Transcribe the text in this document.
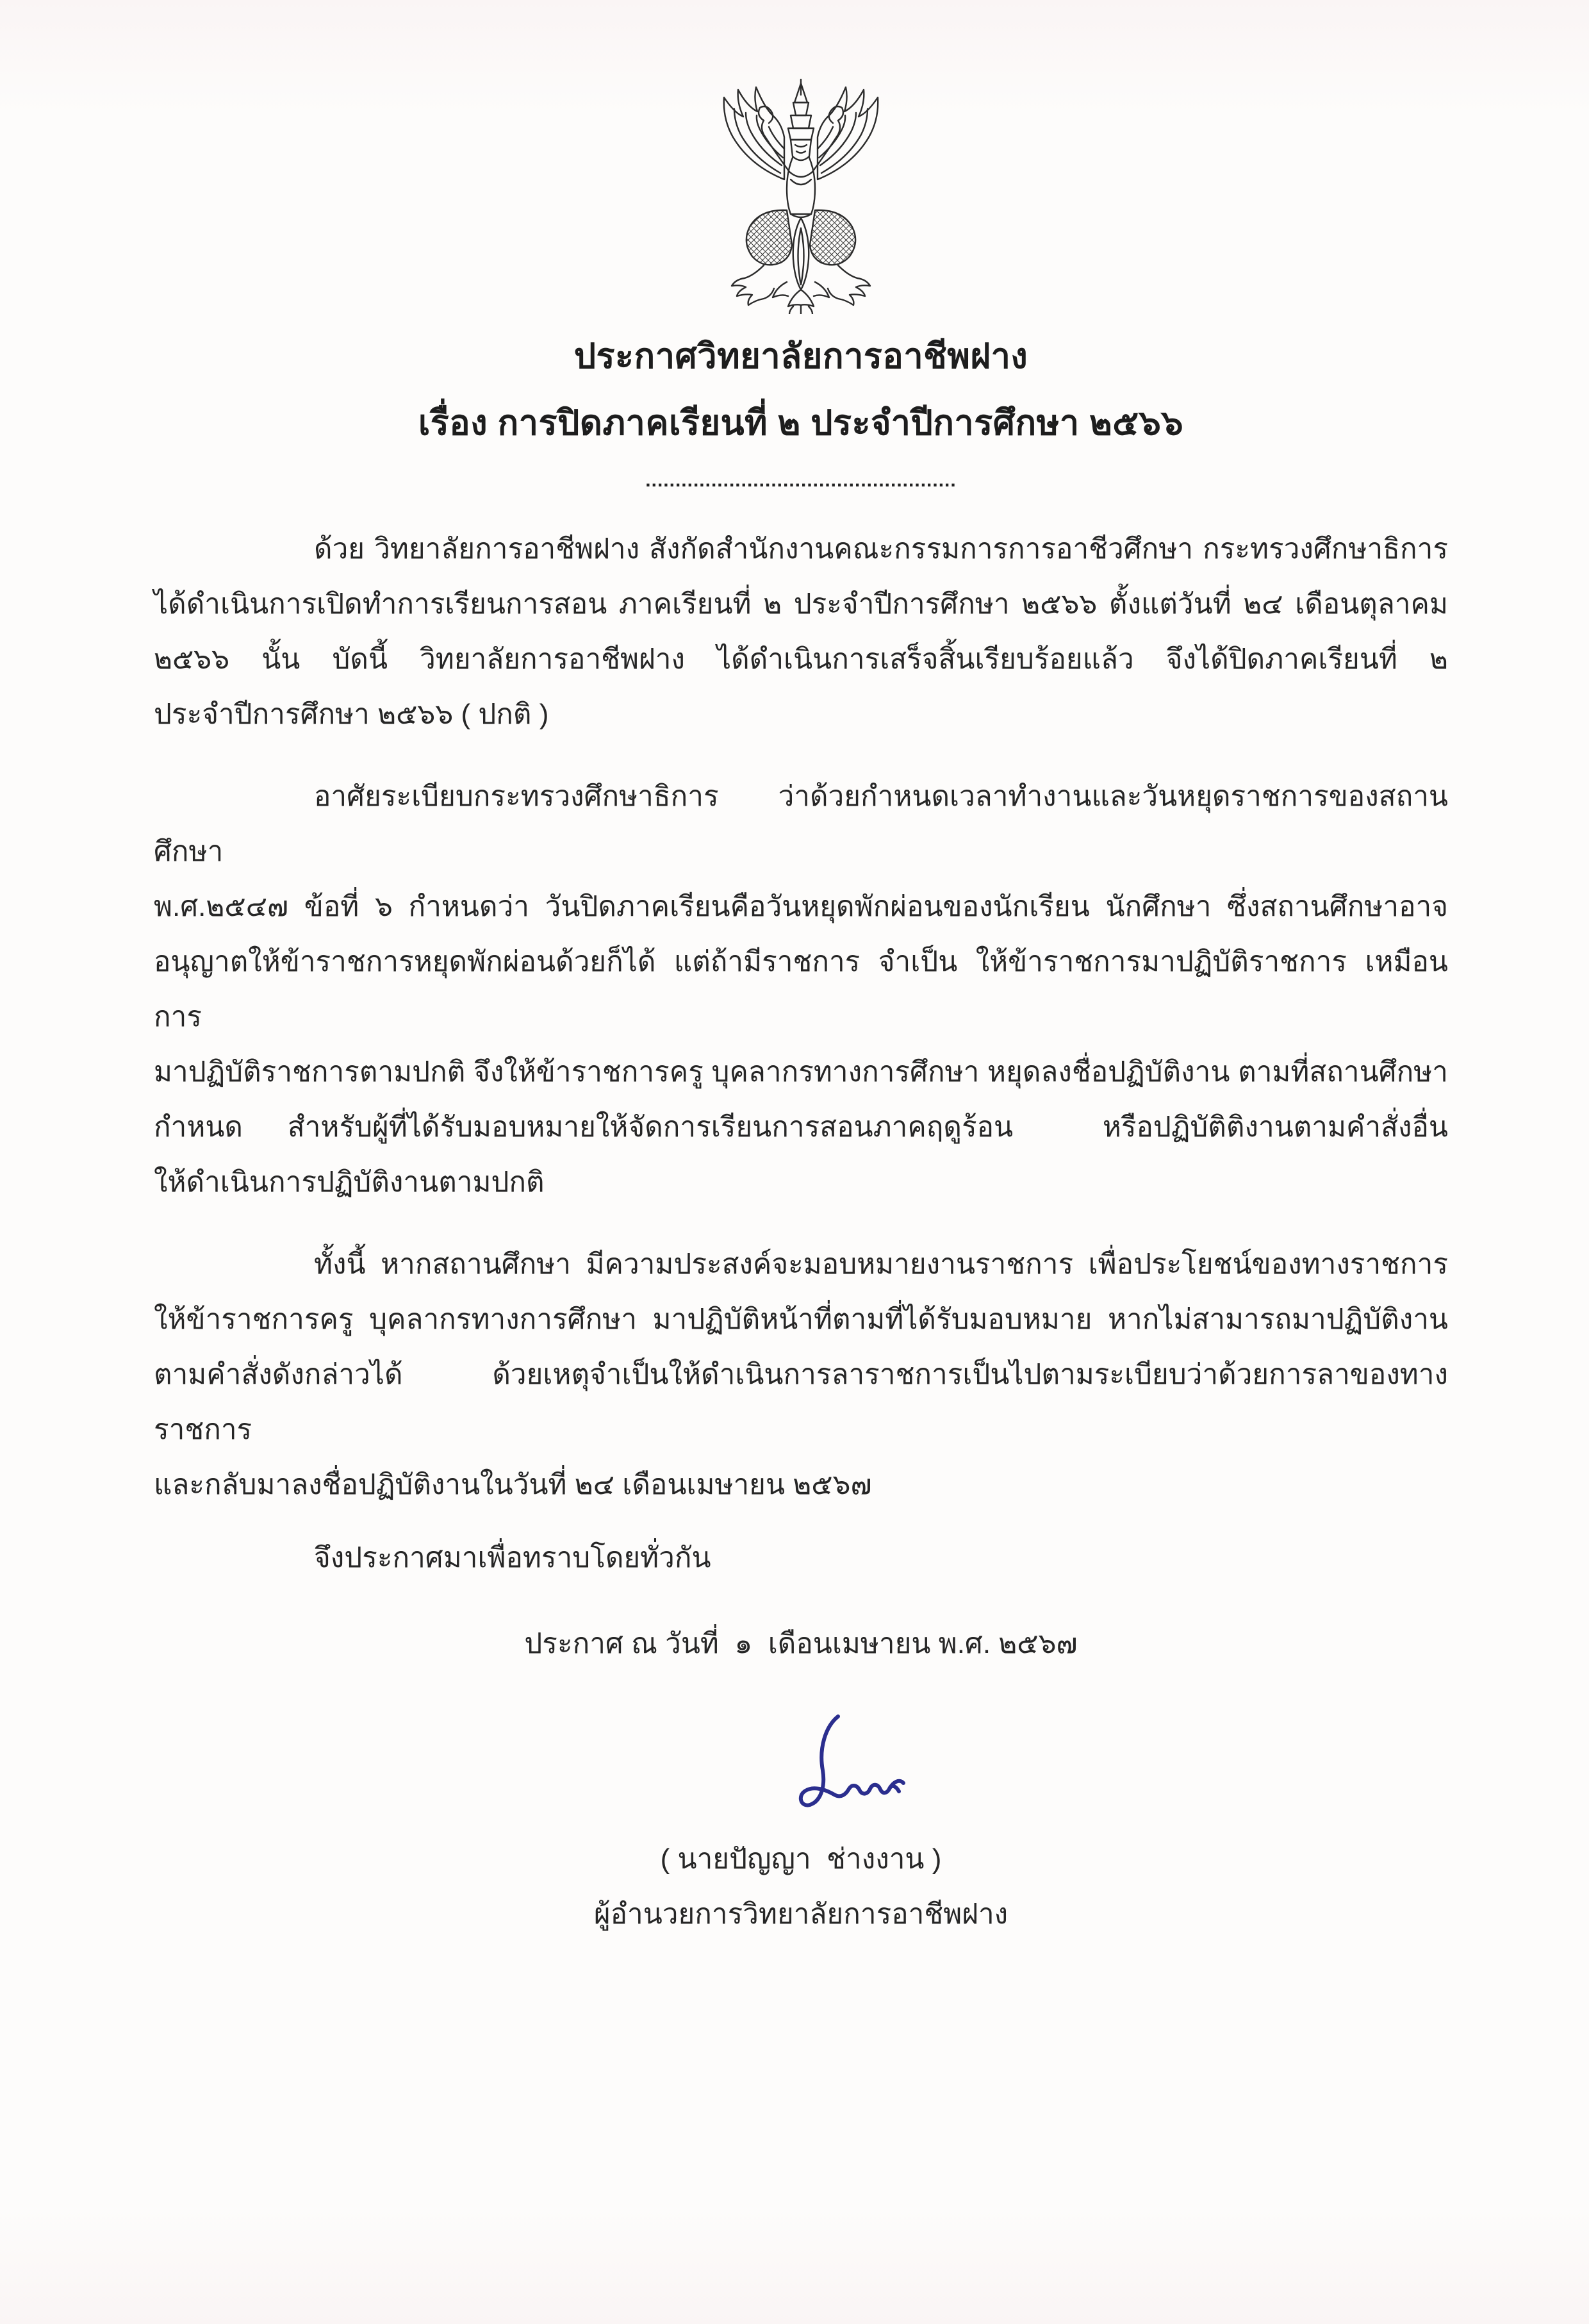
ประกาศวิทยาลัยการอาชีพฝาง
เรื่อง การปิดภาคเรียนที่ ๒ ประจำปีการศึกษา ๒๕๖๖
....................................................
ด้วย วิทยาลัยการอาชีพฝาง สังกัดสำนักงานคณะกรรมการการอาชีวศึกษา กระทรวงศึกษาธิการ
ได้ดำเนินการเปิดทำการเรียนการสอน ภาคเรียนที่ ๒ ประจำปีการศึกษา ๒๕๖๖ ตั้งแต่วันที่ ๒๔ เดือนตุลาคม
๒๕๖๖ นั้น บัดนี้ วิทยาลัยการอาชีพฝาง ได้ดำเนินการเสร็จสิ้นเรียบร้อยแล้ว จึงได้ปิดภาคเรียนที่ ๒
ประจำปีการศึกษา ๒๕๖๖ ( ปกติ )
อาศัยระเบียบกระทรวงศึกษาธิการ ว่าด้วยกำหนดเวลาทำงานและวันหยุดราชการของสถานศึกษา
พ.ศ.๒๕๔๗ ข้อที่ ๖ กำหนดว่า วันปิดภาคเรียนคือวันหยุดพักผ่อนของนักเรียน นักศึกษา ซึ่งสถานศึกษาอาจ
อนุญาตให้ข้าราชการหยุดพักผ่อนด้วยก็ได้ แต่ถ้ามีราชการ จำเป็น ให้ข้าราชการมาปฏิบัติราชการ เหมือนการ
มาปฏิบัติราชการตามปกติ จึงให้ข้าราชการครู บุคลากรทางการศึกษา หยุดลงชื่อปฏิบัติงาน ตามที่สถานศึกษา
กำหนด สำหรับผู้ที่ได้รับมอบหมายให้จัดการเรียนการสอนภาคฤดูร้อน  หรือปฏิบัติติงานตามคำสั่งอื่น
ให้ดำเนินการปฏิบัติงานตามปกติ
ทั้งนี้ หากสถานศึกษา มีความประสงค์จะมอบหมายงานราชการ เพื่อประโยชน์ของทางราชการ
ให้ข้าราชการครู บุคลากรทางการศึกษา มาปฏิบัติหน้าที่ตามที่ได้รับมอบหมาย หากไม่สามารถมาปฏิบัติงาน
ตามคำสั่งดังกล่าวได้ ด้วยเหตุจำเป็นให้ดำเนินการลาราชการเป็นไปตามระเบียบว่าด้วยการลาของทางราชการ
และกลับมาลงชื่อปฏิบัติงานในวันที่ ๒๔ เดือนเมษายน ๒๕๖๗

จึงประกาศมาเพื่อทราบโดยทั่วกัน

ประกาศ ณ วันที่  ๑  เดือนเมษายน พ.ศ. ๒๕๖๗

( นายปัญญา  ช่างงาน )

ผู้อำนวยการวิทยาลัยการอาชีพฝาง
